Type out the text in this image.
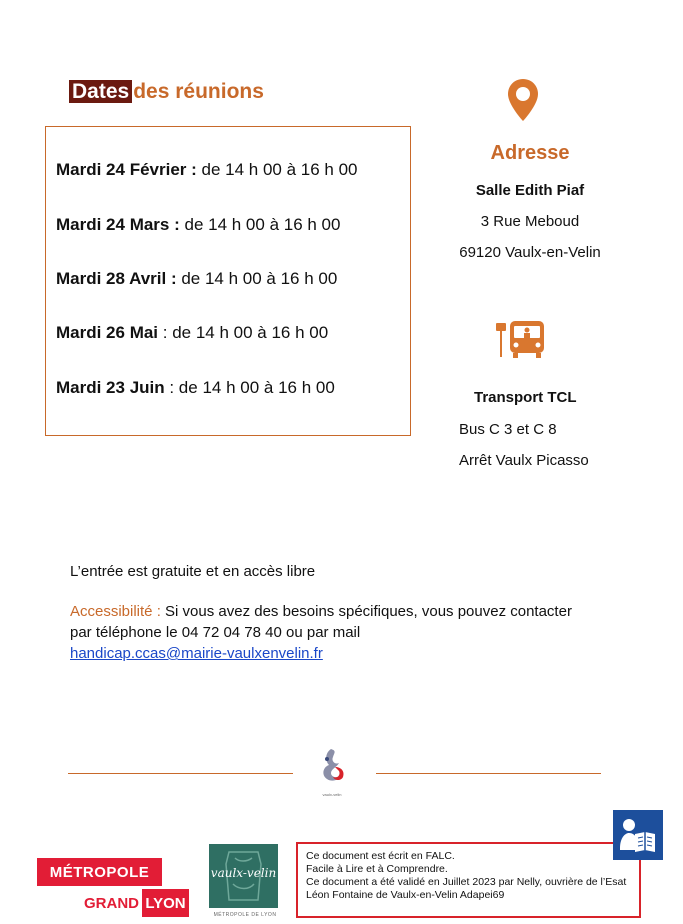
Dates des réunions
Mardi 24 Février : de 14 h 00 à 16 h 00
Mardi 24 Mars : de 14 h 00 à 16 h 00
Mardi 28 Avril : de 14 h 00 à 16 h 00
Mardi 26 Mai : de 14 h 00 à 16 h 00
Mardi 23 Juin : de 14 h 00 à 16 h 00
Adresse
Salle Edith Piaf
3 Rue Meboud
69120 Vaulx-en-Velin
Transport TCL
Bus C 3 et C 8
Arrêt Vaulx Picasso
L’entrée est gratuite et en accès libre
Accessibilité : Si vous avez des besoins spécifiques, vous pouvez contacter par téléphone le 04 72 04 78 40 ou par mail
handicap.ccas@mairie-vaulxenvelin.fr
vaulx-velin
MÉTROPOLE
GRAND LYON
vaulx-velin
MÉTROPOLE DE LYON
Ce document est écrit en FALC.
Facile à Lire et à Comprendre.
Ce document a été validé en Juillet 2023 par Nelly, ouvrière de l’Esat Léon Fontaine de Vaulx-en-Velin Adapei69
